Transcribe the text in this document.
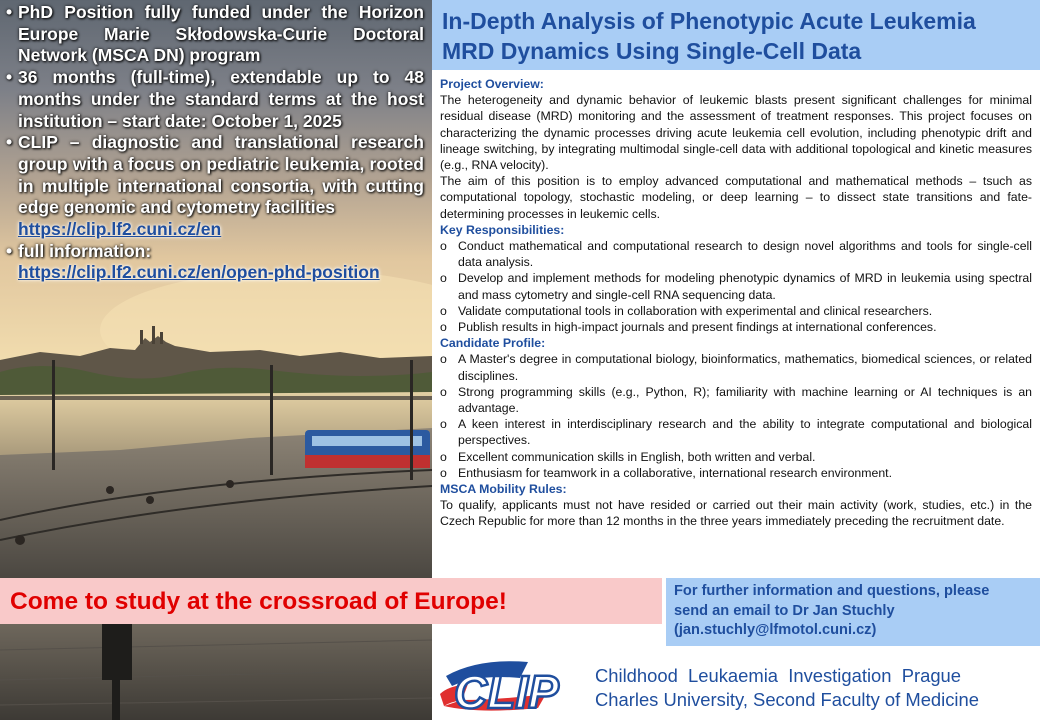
• PhD Position fully funded under the Horizon Europe Marie Skłodowska-Curie Doctoral Network (MSCA DN) program
• 36 months (full-time), extendable up to 48 months under the standard terms at the host institution – start date: October 1, 2025
• CLIP – diagnostic and translational research group with a focus on pediatric leukemia, rooted in multiple international consortia, with cutting edge genomic and cytometry facilities
https://clip.lf2.cuni.cz/en
• full information:
https://clip.lf2.cuni.cz/en/open-phd-position
In-Depth Analysis of Phenotypic Acute Leukemia MRD Dynamics Using Single-Cell Data
Project Overview:
The heterogeneity and dynamic behavior of leukemic blasts present significant challenges for minimal residual disease (MRD) monitoring and the assessment of treatment responses. This project focuses on characterizing the dynamic processes driving acute leukemia cell evolution, including phenotypic drift and lineage switching, by integrating multimodal single-cell data with additional topological and kinetic measures (e.g., RNA velocity).
The aim of this position is to employ advanced computational and mathematical methods – tsuch as computational topology, stochastic modeling, or deep learning – to dissect state transitions and fate-determining processes in leukemic cells.
Key Responsibilities:
o Conduct mathematical and computational research to design novel algorithms and tools for single-cell data analysis.
o Develop and implement methods for modeling phenotypic dynamics of MRD in leukemia using spectral and mass cytometry and single-cell RNA sequencing data.
o Validate computational tools in collaboration with experimental and clinical researchers.
o Publish results in high-impact journals and present findings at international conferences.
Candidate Profile:
o A Master's degree in computational biology, bioinformatics, mathematics, biomedical sciences, or related disciplines.
o Strong programming skills (e.g., Python, R); familiarity with machine learning or AI techniques is an advantage.
o A keen interest in interdisciplinary research and the ability to integrate computational and biological perspectives.
o Excellent communication skills in English, both written and verbal.
o Enthusiasm for teamwork in a collaborative, international research environment.
MSCA Mobility Rules:
To qualify, applicants must not have resided or carried out their main activity (work, studies, etc.) in the Czech Republic for more than 12 months in the three years immediately preceding the recruitment date.
Come to study at the crossroad of Europe!	For further information and questions, please
send an email to Dr Jan Stuchly
(jan.stuchly@lfmotol.cuni.cz)
CLIP Childhood  Leukaemia  Investigation  Prague
Charles University, Second Faculty of Medicine
